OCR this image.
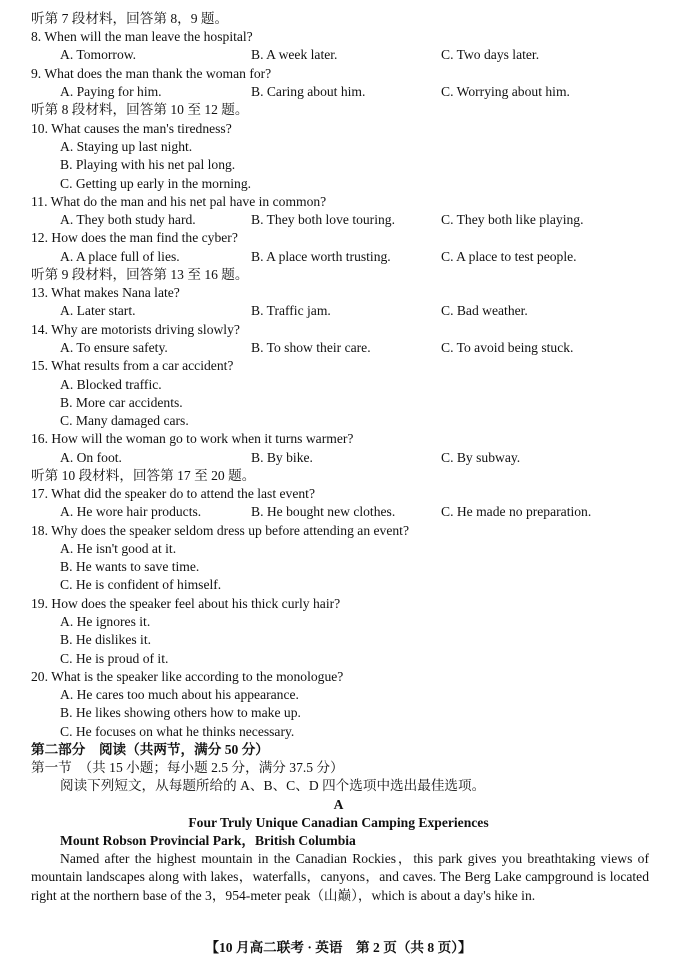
听第 7 段材料，回答第 8，9 题。
8. When will the man leave the hospital?
A. Tomorrow.	B. A week later.	C. Two days later.
9. What does the man thank the woman for?
A. Paying for him.	B. Caring about him.	C. Worrying about him.
听第 8 段材料，回答第 10 至 12 题。
10. What causes the man's tiredness?
A. Staying up last night.
B. Playing with his net pal long.
C. Getting up early in the morning.
11. What do the man and his net pal have in common?
A. They both study hard.	B. They both love touring.	C. They both like playing.
12. How does the man find the cyber?
A. A place full of lies.	B. A place worth trusting.	C. A place to test people.
听第 9 段材料，回答第 13 至 16 题。
13. What makes Nana late?
A. Later start.	B. Traffic jam.	C. Bad weather.
14. Why are motorists driving slowly?
A. To ensure safety.	B. To show their care.	C. To avoid being stuck.
15. What results from a car accident?
A. Blocked traffic.
B. More car accidents.
C. Many damaged cars.
16. How will the woman go to work when it turns warmer?
A. On foot.	B. By bike.	C. By subway.
听第 10 段材料，回答第 17 至 20 题。
17. What did the speaker do to attend the last event?
A. He wore hair products.	B. He bought new clothes.	C. He made no preparation.
18. Why does the speaker seldom dress up before attending an event?
A. He isn't good at it.
B. He wants to save time.
C. He is confident of himself.
19. How does the speaker feel about his thick curly hair?
A. He ignores it.
B. He dislikes it.
C. He is proud of it.
20. What is the speaker like according to the monologue?
A. He cares too much about his appearance.
B. He likes showing others how to make up.
C. He focuses on what he thinks necessary.
第二部分　阅读（共两节，满分 50 分）
第一节　（共 15 小题；每小题 2.5 分，满分 37.5 分）
阅读下列短文，从每题所给的 A、B、C、D 四个选项中选出最佳选项。
A
Four Truly Unique Canadian Camping Experiences
Mount Robson Provincial Park，British Columbia
Named after the highest mountain in the Canadian Rockies，this park gives you breathtaking views of mountain landscapes along with lakes，waterfalls，canyons，and caves. The Berg Lake campground is located right at the northern base of the 3，954-meter peak（山巅），which is about a day's hike in.
【10 月高二联考 · 英语　第 2 页（共 8 页）】
